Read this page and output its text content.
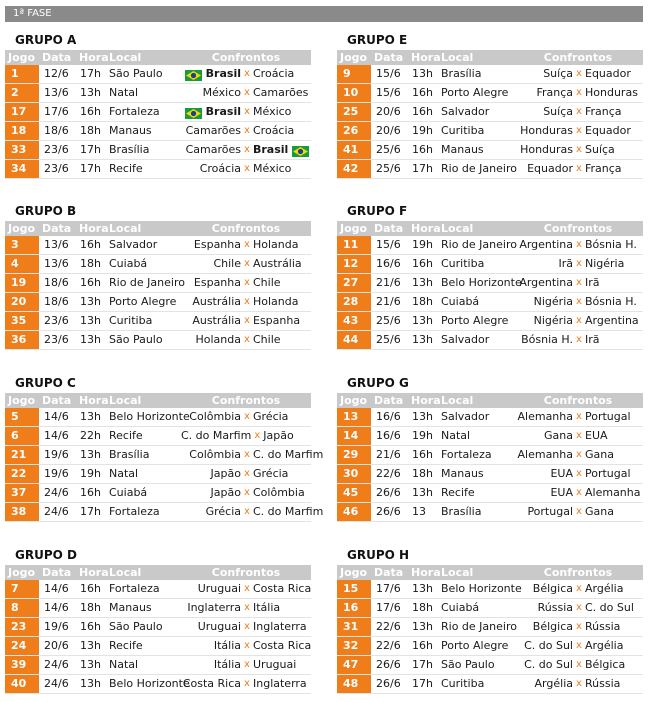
1ª FASE
GRUPO A
Jogo	Data	Hora	Local	Confrontos
1	12/6	17h	São Paulo	Brasil x Croácia

2	13/6	13h	Natal	México x Camarões

17	17/6	16h	Fortaleza	Brasil x México

18	18/6	18h	Manaus	Camarões x Croácia

33	23/6	17h	Brasília	Camarões x Brasil

34	23/6	17h	Recife	Croácia x México
GRUPO E
Jogo	Data	Hora	Local	Confrontos
9	15/6	13h	Brasília	Suíça x Equador

10	15/6	16h	Porto Alegre	França x Honduras

25	20/6	16h	Salvador	Suíça x França

26	20/6	19h	Curitiba	Honduras x Equador

41	25/6	16h	Manaus	Honduras x Suíça

42	25/6	17h	Rio de Janeiro	Equador x França
GRUPO B
Jogo	Data	Hora	Local	Confrontos
3	13/6	16h	Salvador	Espanha x Holanda

4	13/6	18h	Cuiabá	Chile x Austrália

19	18/6	16h	Rio de Janeiro	Espanha x Chile

20	18/6	13h	Porto Alegre	Austrália x Holanda

35	23/6	13h	Curitiba	Austrália x Espanha

36	23/6	13h	São Paulo	Holanda x Chile
GRUPO F
Jogo	Data	Hora	Local	Confrontos
11	15/6	19h	Rio de Janeiro	Argentina x Bósnia H.

12	16/6	16h	Curitiba	Irã x Nigéria

27	21/6	13h	Belo Horizonte	Argentina x Irã

28	21/6	18h	Cuiabá	Nigéria x Bósnia H.

43	25/6	13h	Porto Alegre	Nigéria x Argentina

44	25/6	13h	Salvador	Bósnia H. x Irã
GRUPO C
Jogo	Data	Hora	Local	Confrontos
5	14/6	13h	Belo Horizonte	Colômbia x Grécia

6	14/6	22h	Recife	C. do Marfim x Japão

21	19/6	13h	Brasília	Colômbia x C. do Marfim

22	19/6	19h	Natal	Japão x Grécia

37	24/6	16h	Cuiabá	Japão x Colômbia

38	24/6	17h	Fortaleza	Grécia x C. do Marfim
GRUPO G
Jogo	Data	Hora	Local	Confrontos
13	16/6	13h	Salvador	Alemanha x Portugal

14	16/6	19h	Natal	Gana x EUA

29	21/6	16h	Fortaleza	Alemanha x Gana

30	22/6	18h	Manaus	EUA x Portugal

45	26/6	13h	Recife	EUA x Alemanha

46	26/6	13	Brasília	Portugal x Gana
GRUPO D
Jogo	Data	Hora	Local	Confrontos
7	14/6	16h	Fortaleza	Uruguai x Costa Rica

8	14/6	18h	Manaus	Inglaterra x Itália

23	19/6	16h	São Paulo	Uruguai x Inglaterra

24	20/6	13h	Recife	Itália x Costa Rica

39	24/6	13h	Natal	Itália x Uruguai

40	24/6	13h	Belo Horizonte	Costa Rica x Inglaterra
GRUPO H
Jogo	Data	Hora	Local	Confrontos
15	17/6	13h	Belo Horizonte	Bélgica x Argélia

16	17/6	18h	Cuiabá	Rússia x C. do Sul

31	22/6	13h	Rio de Janeiro	Bélgica x Rússia

32	22/6	16h	Porto Alegre	C. do Sul x Argélia

47	26/6	17h	São Paulo	C. do Sul x Bélgica

48	26/6	17h	Curitiba	Argélia x Rússia
